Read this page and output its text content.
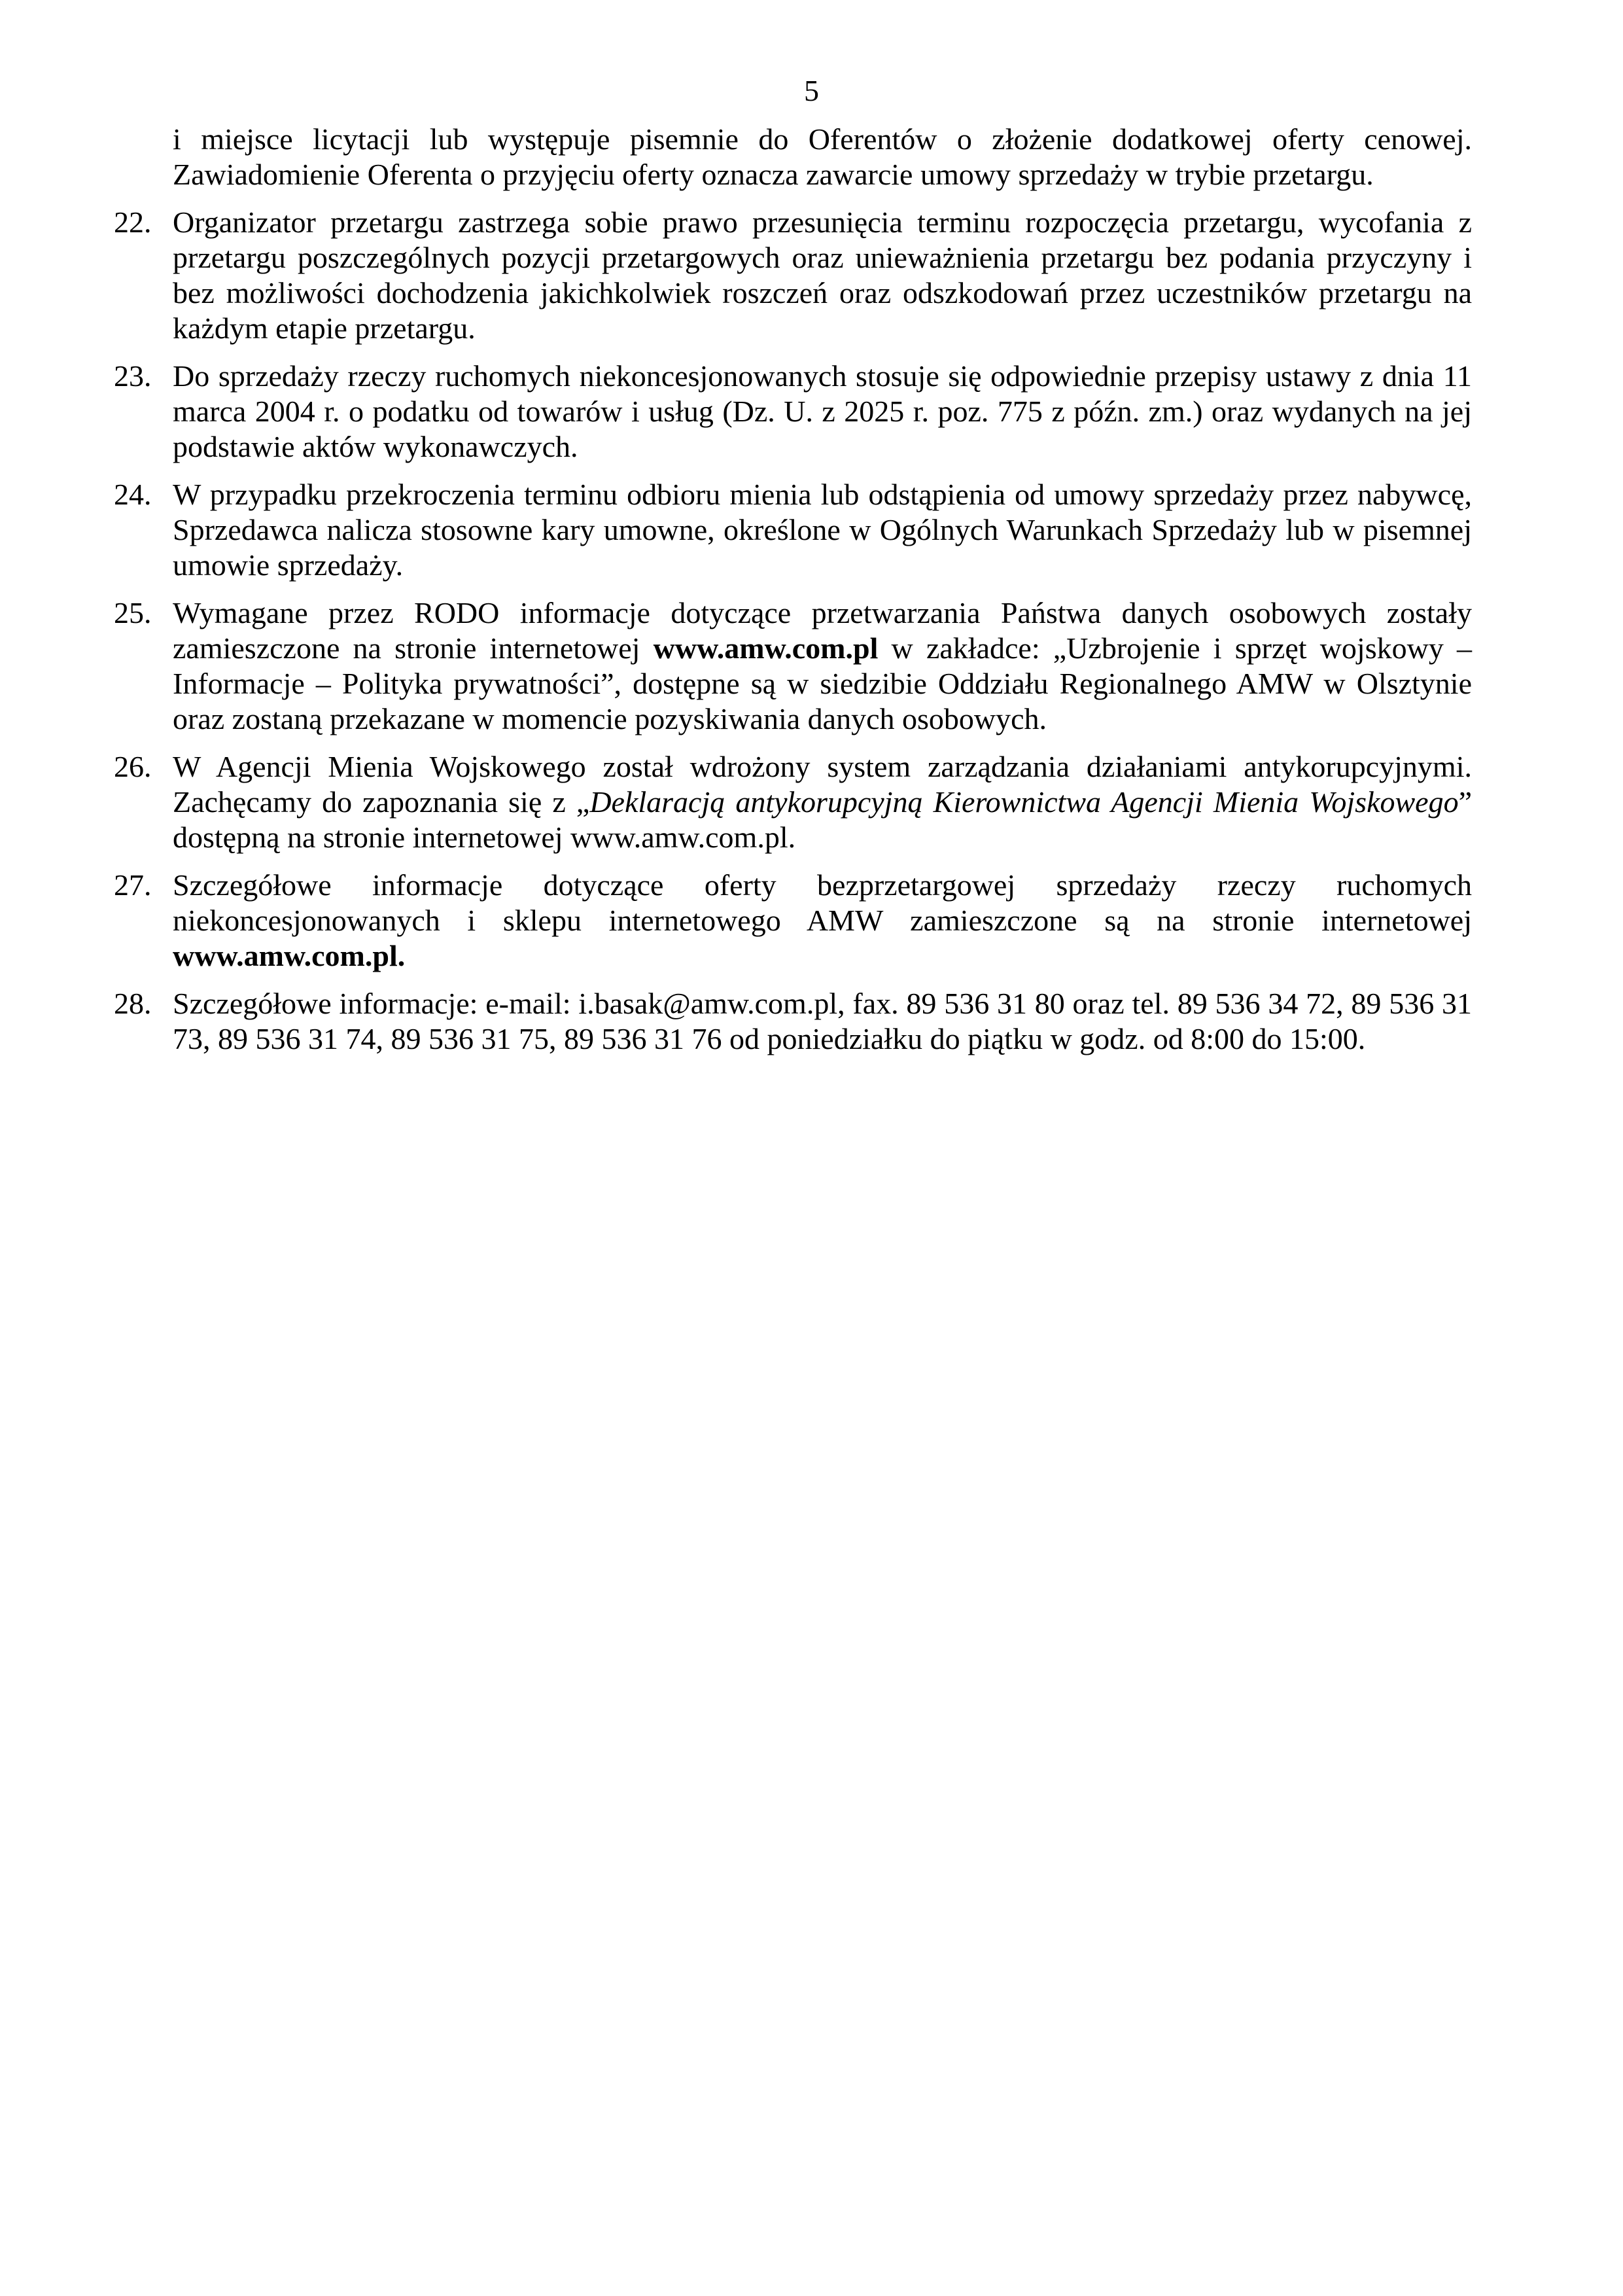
5
i miejsce licytacji lub występuje pisemnie do Oferentów o złożenie dodatkowej oferty cenowej. Zawiadomienie Oferenta o przyjęciu oferty oznacza zawarcie umowy sprzedaży w trybie przetargu.
22. Organizator przetargu zastrzega sobie prawo przesunięcia terminu rozpoczęcia przetargu, wycofania z przetargu poszczególnych pozycji przetargowych oraz unieważnienia przetargu bez podania przyczyny i bez możliwości dochodzenia jakichkolwiek roszczeń oraz odszkodowań przez uczestników przetargu na każdym etapie przetargu.
23. Do sprzedaży rzeczy ruchomych niekoncesjonowanych stosuje się odpowiednie przepisy ustawy z dnia 11 marca 2004 r. o podatku od towarów i usług (Dz. U. z 2025 r. poz. 775 z późn. zm.) oraz wydanych na jej podstawie aktów wykonawczych.
24. W przypadku przekroczenia terminu odbioru mienia lub odstąpienia od umowy sprzedaży przez nabywcę, Sprzedawca nalicza stosowne kary umowne, określone w Ogólnych Warunkach Sprzedaży lub w pisemnej umowie sprzedaży.
25. Wymagane przez RODO informacje dotyczące przetwarzania Państwa danych osobowych zostały zamieszczone na stronie internetowej www.amw.com.pl w zakładce: „Uzbrojenie i sprzęt wojskowy – Informacje – Polityka prywatności”, dostępne są w siedzibie Oddziału Regionalnego AMW w Olsztynie oraz zostaną przekazane w momencie pozyskiwania danych osobowych.
26. W Agencji Mienia Wojskowego został wdrożony system zarządzania działaniami antykorupcyjnymi. Zachęcamy do zapoznania się z „Deklaracją antykorupcyjną Kierownictwa Agencji Mienia Wojskowego” dostępną na stronie internetowej www.amw.com.pl.
27. Szczegółowe informacje dotyczące oferty bezprzetargowej sprzedaży rzeczy ruchomych niekoncesjonowanych i sklepu internetowego AMW zamieszczone są na stronie internetowej www.amw.com.pl.
28. Szczegółowe informacje: e-mail: i.basak@amw.com.pl, fax. 89 536 31 80 oraz tel. 89 536 34 72, 89 536 31 73, 89 536 31 74, 89 536 31 75, 89 536 31 76 od poniedziałku do piątku w godz. od 8:00 do 15:00.
